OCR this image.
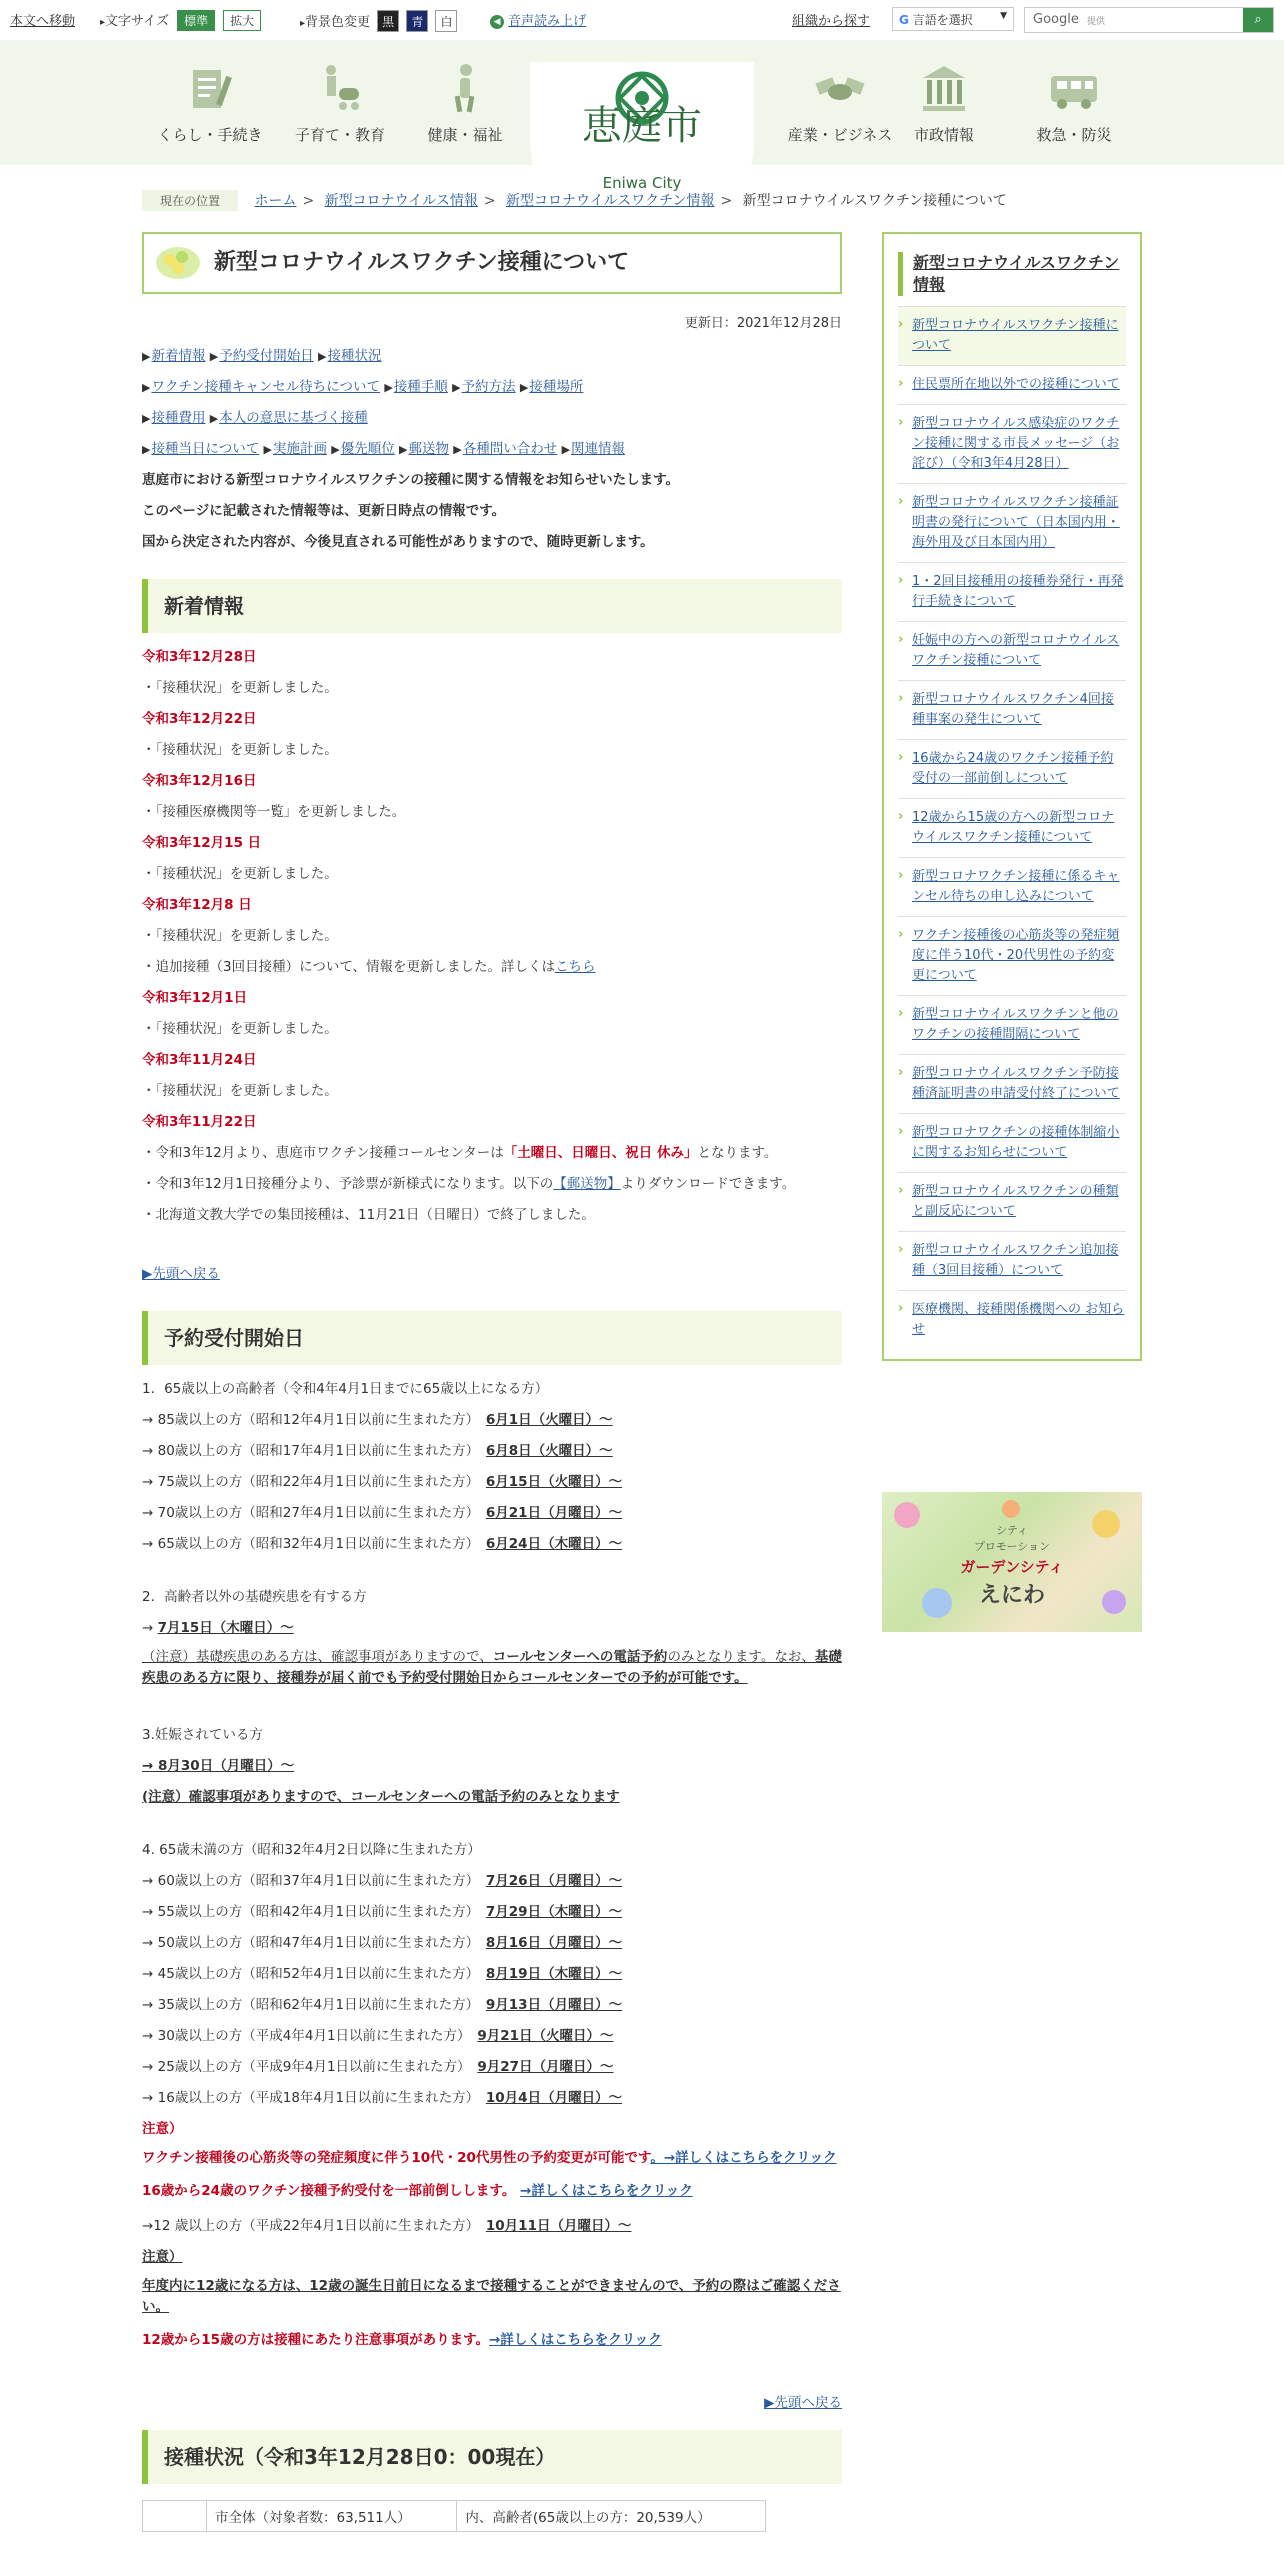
本文へ移動 ▸文字サイズ 標準 拡大	▸背景色変更 黒 青 白	◀ 音声読み上げ	組織から探す	G 言語を選択	▼ Google 提供	⌕
くらし・手続き	子育て・教育	健康・福祉	恵庭市
Eniwa City
産業・ビジネス	市政情報	救急・防災
現在の位置 ホーム > 新型コロナウイルス情報 > 新型コロナウイルスワクチン情報 > 新型コロナウイルスワクチン接種について
新型コロナウイルスワクチン接種について
更新日：2021年12月28日
▶新着情報 ▶予約受付開始日 ▶接種状況
▶ワクチン接種キャンセル待ちについて ▶接種手順 ▶予約方法 ▶接種場所
▶接種費用 ▶本人の意思に基づく接種
▶接種当日について ▶実施計画 ▶優先順位 ▶郵送物 ▶各種問い合わせ ▶関連情報
恵庭市における新型コロナウイルスワクチンの接種に関する情報をお知らせいたします。
このページに記載された情報等は、更新日時点の情報です。
国から決定された内容が、今後見直される可能性がありますので、随時更新します。
新着情報
令和3年12月28日
・「接種状況」を更新しました。
令和3年12月22日
・「接種状況」を更新しました。
令和3年12月16日
・「接種医療機関等一覧」を更新しました。
令和3年12月15 日
・「接種状況」を更新しました。
令和3年12月8 日
・「接種状況」を更新しました。
・追加接種（3回目接種）について、情報を更新しました。詳しくはこちら
令和3年12月1日
・「接種状況」を更新しました。
令和3年11月24日
・「接種状況」を更新しました。
令和3年11月22日
・令和3年12月より、恵庭市ワクチン接種コールセンターは「土曜日、日曜日、祝日 休み」となります。
・令和3年12月1日接種分より、予診票が新様式になります。以下の【郵送物】よりダウンロードできます。
・北海道文教大学での集団接種は、11月21日（日曜日）で終了しました。
▶先頭へ戻る
予約受付開始日
1．65歳以上の高齢者（令和4年4月1日までに65歳以上になる方）
→ 85歳以上の方（昭和12年4月1日以前に生まれた方）　 6月1日（火曜日）～
→ 80歳以上の方（昭和17年4月1日以前に生まれた方）　 6月8日（火曜日）～
→ 75歳以上の方（昭和22年4月1日以前に生まれた方）　 6月15日（火曜日）～
→ 70歳以上の方（昭和27年4月1日以前に生まれた方）　 6月21日（月曜日）～
→ 65歳以上の方（昭和32年4月1日以前に生まれた方）　 6月24日（木曜日）～
2．高齢者以外の基礎疾患を有する方
→ 7月15日（木曜日）～
（注意）基礎疾患のある方は、確認事項がありますので、コールセンターへの電話予約のみとなります。なお、基礎疾患のある方に限り、接種券が届く前でも予約受付開始日からコールセンターでの予約が可能です。
3.妊娠されている方
→ 8月30日（月曜日）～
(注意）確認事項がありますので、コールセンターへの電話予約のみとなります
4. 65歳未満の方（昭和32年4月2日以降に生まれた方）
→ 60歳以上の方（昭和37年4月1日以前に生まれた方）　 7月26日（月曜日）～
→ 55歳以上の方（昭和42年4月1日以前に生まれた方）　 7月29日（木曜日）～
→ 50歳以上の方（昭和47年4月1日以前に生まれた方）　 8月16日（月曜日）～
→ 45歳以上の方（昭和52年4月1日以前に生まれた方）　 8月19日（木曜日）～
→ 35歳以上の方（昭和62年4月1日以前に生まれた方）　 9月13日（月曜日）～
→ 30歳以上の方（平成4年4月1日以前に生まれた方）　 9月21日（火曜日）～
→ 25歳以上の方（平成9年4月1日以前に生まれた方）　 9月27日（月曜日）～
→ 16歳以上の方（平成18年4月1日以前に生まれた方）　 10月4日（月曜日）～
注意）
ワクチン接種後の心筋炎等の発症頻度に伴う10代・20代男性の予約変更が可能です。→詳しくはこちらをクリック
16歳から24歳のワクチン接種予約受付を一部前倒しします。 →詳しくはこちらをクリック
→12 歳以上の方（平成22年4月1日以前に生まれた方）　 10月11日（月曜日）～
注意）
年度内に12歳になる方は、12歳の誕生日前日になるまで接種することができませんので、予約の際はご確認ください。
12歳から15歳の方は接種にあたり注意事項があります。→詳しくはこちらをクリック
▶先頭へ戻る
接種状況（令和3年12月28日0：00現在）
	市全体（対象者数：63,511人）	内、高齢者(65歳以上の方：20,539人）
新型コロナウイルスワクチン情報
› 新型コロナウイルスワクチン接種について
› 住民票所在地以外での接種について
› 新型コロナウイルス感染症のワクチン接種に関する市長メッセージ（お詫び）（令和3年4月28日）
› 新型コロナウイルスワクチン接種証明書の発行について（日本国内用・海外用及び日本国内用）
› 1・2回目接種用の接種券発行・再発行手続きについて
› 妊娠中の方への新型コロナウイルスワクチン接種について
› 新型コロナウイルスワクチン4回接種事案の発生について
› 16歳から24歳のワクチン接種予約受付の一部前倒しについて
› 12歳から15歳の方への新型コロナウイルスワクチン接種について
› 新型コロナワクチン接種に係るキャンセル待ちの申し込みについて
› ワクチン接種後の心筋炎等の発症頻度に伴う10代・20代男性の予約変更について
› 新型コロナウイルスワクチンと他のワクチンの接種間隔について
› 新型コロナウイルスワクチン予防接種済証明書の申請受付終了について
› 新型コロナワクチンの接種体制縮小に関するお知らせについて
› 新型コロナウイルスワクチンの種類と副反応について
› 新型コロナウイルスワクチン追加接種（3回目接種）について
› 医療機関、接種関係機関への お知らせ
シティ
プロモーション
ガーデンシティ
えにわ
